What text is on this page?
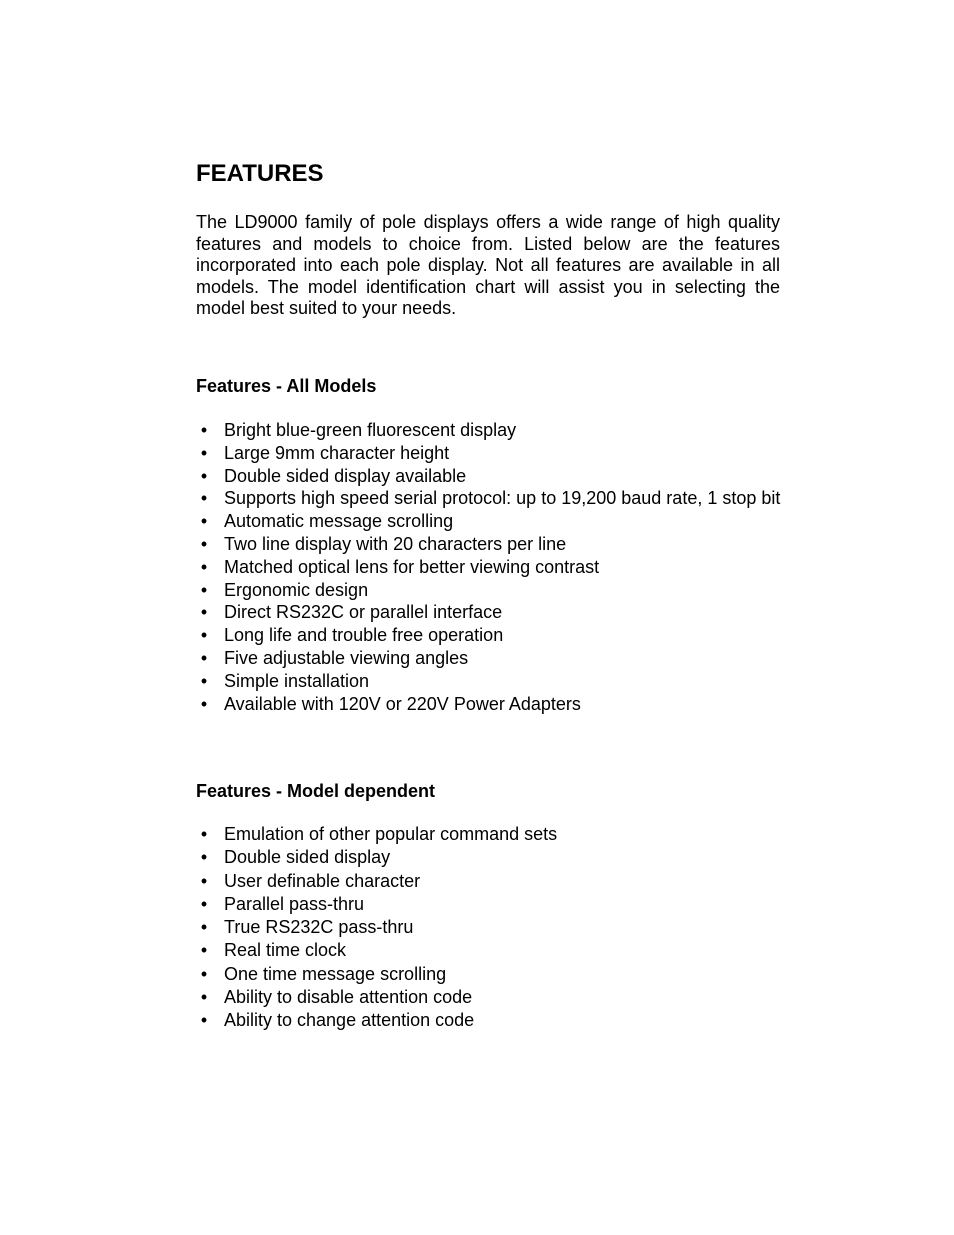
FEATURES

The LD9000 family of pole displays offers a wide range of high quality features and models to choice from. Listed below are the features incorporated into each pole display. Not all features are available in all models. The model identification chart will assist you in selecting the model best suited to your needs.

Features - All Models
• Bright blue-green fluorescent display
• Large 9mm character height
• Double sided display available
• Supports high speed serial protocol: up to 19,200 baud rate, 1 stop bit
• Automatic message scrolling
• Two line display with 20 characters per line
• Matched optical lens for better viewing contrast
• Ergonomic design
• Direct RS232C or parallel interface
• Long life and trouble free operation
• Five adjustable viewing angles
• Simple installation
• Available with 120V or 220V Power Adapters
Features - Model dependent
• Emulation of other popular command sets
• Double sided display
• User definable character
• Parallel pass-thru
• True RS232C pass-thru
• Real time clock
• One time message scrolling
• Ability to disable attention code
• Ability to change attention code
